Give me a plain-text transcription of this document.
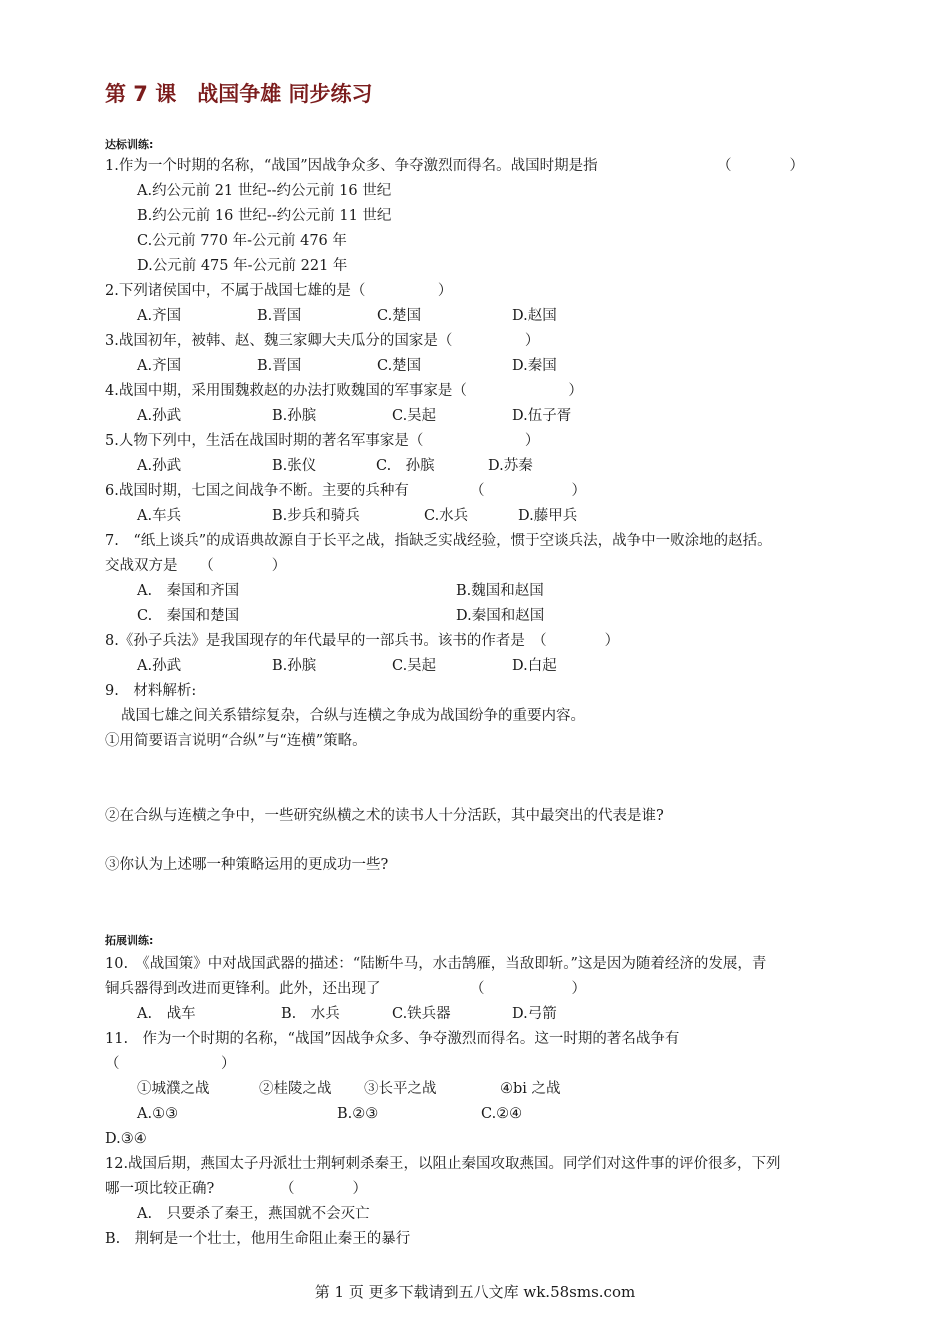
第 7 课　战国争雄 同步练习
达标训练:
1.作为一个时期的名称，“战国”因战争众多、争夺激烈而得名。战国时期是指	（　　　　）
A.约公元前 21 世纪--约公元前 16 世纪
B.约公元前 16 世纪--约公元前 11 世纪
C.公元前 770 年-公元前 476 年
D.公元前 475 年-公元前 221 年
2.下列诸侯国中，不属于战国七雄的是（　　　　　）
A.齐国	B.晋国	C.楚国	D.赵国
3.战国初年，被韩、赵、魏三家卿大夫瓜分的国家是（　　　　　）
A.齐国	B.晋国	C.楚国	D.秦国
4.战国中期，采用围魏救赵的办法打败魏国的军事家是（　　　　　　　）
A.孙武	B.孙膑	C.吴起	D.伍子胥
5.人物下列中，生活在战国时期的著名军事家是（　　　　　　　）
A.孙武	B.张仪	C.　孙膑	D.苏秦
6.战国时期，七国之间战争不断。主要的兵种有	（　　　　　　）
A.车兵	B.步兵和骑兵	C.水兵	D.藤甲兵
7.　“纸上谈兵”的成语典故源自于长平之战，指缺乏实战经验，惯于空谈兵法，战争中一败涂地的赵括。
交战双方是　　（　　　　）
A.　秦国和齐国	B.魏国和赵国
C.　秦国和楚国	D.秦国和赵国
8.《孙子兵法》是我国现存的年代最早的一部兵书。该书的作者是　（　　　　）
A.孙武	B.孙膑	C.吴起	D.白起
9.　材料解析:
战国七雄之间关系错综复杂，合纵与连横之争成为战国纷争的重要内容。
①用简要语言说明“合纵”与“连横”策略。
②在合纵与连横之争中，一些研究纵横之术的读书人十分活跃，其中最突出的代表是谁?
③你认为上述哪一种策略运用的更成功一些?
拓展训练:
10.　《战国策》中对战国武器的描述：“陆断牛马，水击鹄雁，当敌即斩。”这是因为随着经济的发展，青
铜兵器得到改进而更锋利。此外，还出现了	（　　　　　　）
A.　战车	B.　水兵	C.铁兵器	D.弓箭
11.　作为一个时期的名称，“战国”因战争众多、争夺激烈而得名。这一时期的著名战争有
（　　　　　　　）
①城濮之战	②桂陵之战 ③长平之战	④bi 之战
A.①③	B.②③	C.②④
D.③④
12.战国后期，燕国太子丹派壮士荆轲刺杀秦王，以阻止秦国攻取燕国。同学们对这件事的评价很多，下列
哪一项比较正确?	（　　　　）
A.　只要杀了秦王，燕国就不会灭亡
B.　荆轲是一个壮士，他用生命阻止秦王的暴行
第 1 页 更多下载请到五八文库 wk.58sms.com
